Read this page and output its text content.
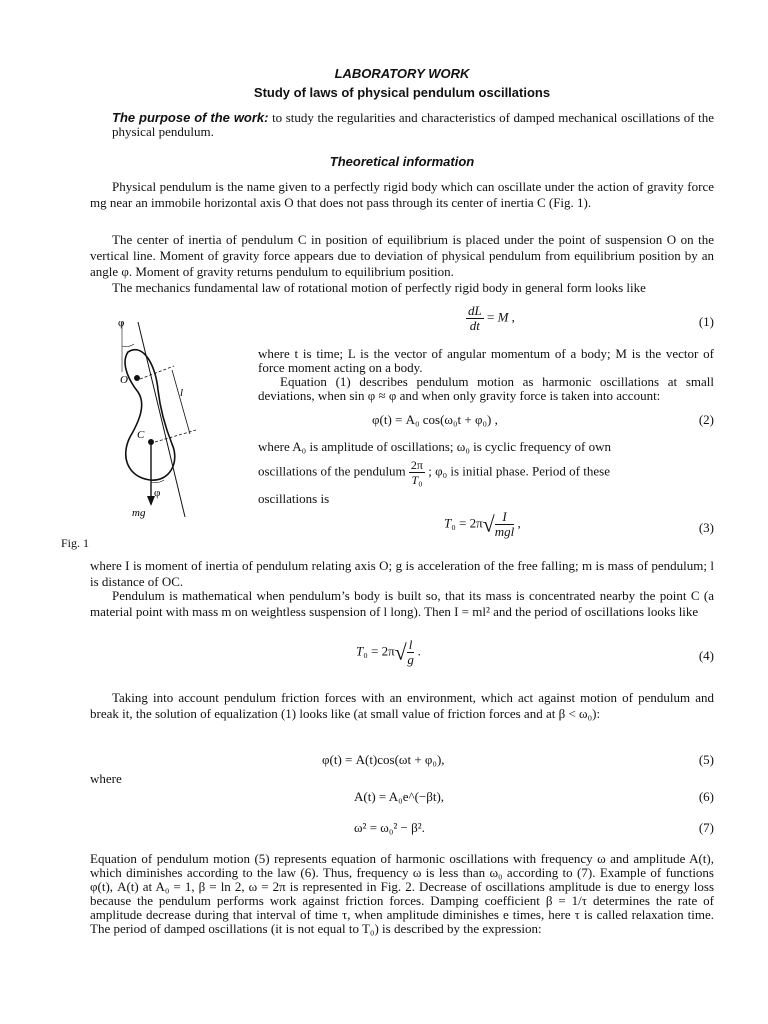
LABORATORY WORK
Study of laws of physical pendulum oscillations
The purpose of the work: to study the regularities and characteristics of damped mechanical oscillations of the physical pendulum.
Theoretical information

Physical pendulum is the name given to a perfectly rigid body which can oscillate under the action of gravity force mg near an immobile horizontal axis O that does not pass through its center of inertia C (Fig. 1).

The center of inertia of pendulum C in position of equilibrium is placed under the point of suspension O on the vertical line. Moment of gravity force appears due to deviation of physical pendulum from equilibrium position by an angle φ. Moment of gravity returns pendulum to equilibrium position.

The mechanics fundamental law of rotational motion of perfectly rigid body in general form looks like

$\frac{dL}{dt} = M$ ,	(1)
φ
O
l
C
φ
mg
Fig. 1

where t is time; L is the vector of angular momentum of a body; M is the vector of force moment acting on a body.

Equation (1) describes pendulum motion as harmonic oscillations at small deviations, when sin φ ≈ φ and when only gravity force is taken into account:

φ(t) = A₀ cos(ω₀t + φ₀) ,	(2)

where A₀ is amplitude of oscillations; ω₀ is cyclic frequency of own

oscillations of the pendulum $\frac{2\pi}{\text{T₀}}$ ; φ₀ is initial phase. Period of these

oscillations is

$T_0 = 2\pi√ \frac{I}{\text{mgl}}$ ,	(3)

where I is moment of inertia of pendulum relating axis O; g is acceleration of the free falling; m is mass of pendulum; l is distance of OC.

Pendulum is mathematical when pendulum’s body is built so, that its mass is concentrated nearby the point C (a material point with mass m on weightless suspension of l long). Then I = ml² and the period of oscillations looks like

$T_0 = 2\pi√ \frac{l}{g}$ .	(4)

Taking into account pendulum friction forces with an environment, which act against motion of pendulum and break it, the solution of equalization (1) looks like (at small value of friction forces and at β < ω₀):

φ(t) = A(t)cos(ωt + φ₀),	(5)

where

A(t) = A₀e^(−βt),	(6)
ω² = ω₀² − β².	(7)

Equation of pendulum motion (5) represents equation of harmonic oscillations with frequency ω and amplitude A(t), which diminishes according to the law (6). Thus, frequency ω is less than ω₀ according to (7). Example of functions φ(t), A(t) at A₀ = 1, β = ln 2, ω = 2π is represented in Fig. 2. Decrease of oscillations amplitude is due to energy loss because the pendulum performs work against friction forces. Damping coefficient β = 1/τ determines the rate of amplitude decrease during that interval of time τ, when amplitude diminishes e times, here τ is called relaxation time. The period of damped oscillations (it is not equal to T₀) is described by the expression:
